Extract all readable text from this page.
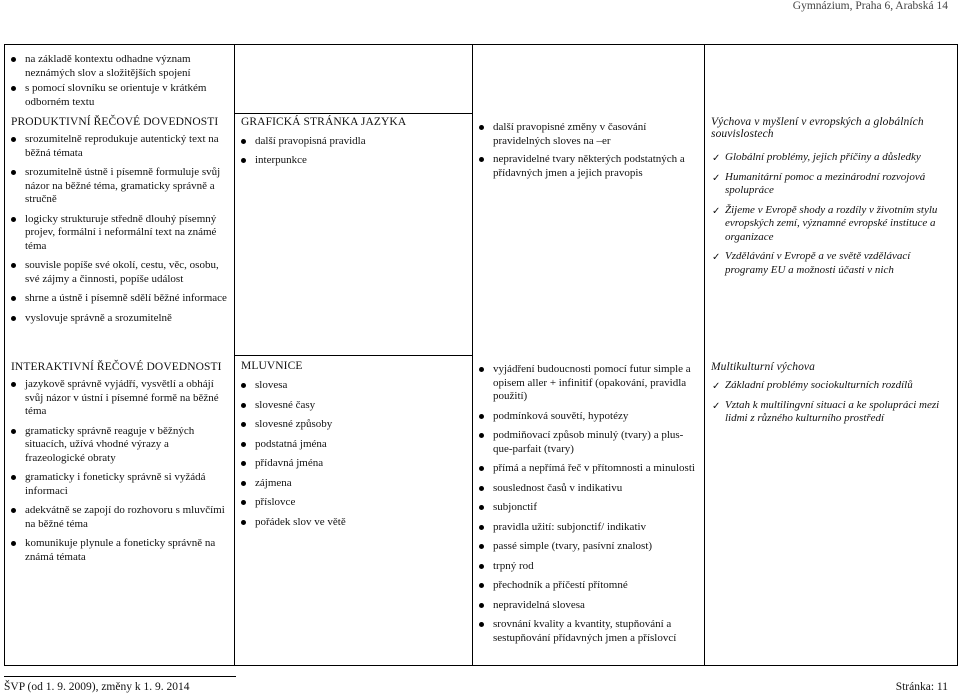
Gymnázium, Praha 6, Arabská 14
na základě kontextu odhadne význam neznámých slov a složitějších spojení
s pomocí slovníku se orientuje v krátkém odborném textu
PRODUKTIVNÍ ŘEČOVÉ DOVEDNOSTI
srozumitelně reprodukuje autentický text na běžná témata
srozumitelně ústně i písemně formuluje svůj názor na běžné téma, gramaticky správně a stručně
logicky strukturuje středně dlouhý písemný projev, formální i neformální text na známé téma
souvisle popíše své okolí, cestu, věc, osobu, své zájmy a činnosti, popíše událost
shrne a ústně i písemně sdělí běžné informace
vyslovuje správně a srozumitelně
INTERAKTIVNÍ ŘEČOVÉ DOVEDNOSTI
jazykově správně vyjádří, vysvětlí a obhájí svůj názor v ústní i písemné formě na běžné téma
gramaticky správně reaguje v běžných situacích, užívá vhodné výrazy a frazeologické obraty
gramaticky i foneticky správně si vyžádá informaci
adekvátně se zapojí do rozhovoru s mluvčími na běžné téma
komunikuje plynule a foneticky správně na známá témata
GRAFICKÁ STRÁNKA JAZYKA
další pravopisná pravidla
interpunkce
MLUVNICE
slovesa
slovesné časy
slovesné způsoby
podstatná jména
přídavná jména
zájmena
příslovce
pořádek slov ve větě
další pravopisné změny v časování pravidelných sloves na –er
nepravidelné tvary některých podstatných a přídavných jmen a jejich pravopis
vyjádření budoucnosti pomocí futur simple a opisem aller + infinitif (opakování, pravidla použití)
podmínková souvětí, hypotézy
podmiňovací způsob minulý (tvary) a plus-que-parfait (tvary)
přímá a nepřímá řeč v přítomnosti a minulosti
souslednost časů v indikativu
subjonctif
pravidla užití: subjonctif/ indikativ
passé simple (tvary, pasívní znalost)
trpný rod
přechodník a příčestí přítomné
nepravidelná slovesa
srovnání kvality a kvantity, stupňování a sestupňování přídavných jmen a příslovcí
Výchova v myšlení v evropských a globálních souvislostech
✓ Globální problémy, jejich příčiny a důsledky
✓ Humanitární pomoc a mezinárodní rozvojová spolupráce
✓ Žijeme v Evropě shody a rozdíly v životním stylu evropských zemí, významné evropské instituce a organizace
✓ Vzdělávání v Evropě a ve světě vzdělávací programy EU a možnosti účasti v nich
Multikulturní výchova
✓ Základní problémy sociokulturních rozdílů
✓ Vztah k multilingvní situaci a ke spolupráci mezi lidmi z různého kulturního prostředí
ŠVP (od 1. 9. 2009), změny k 1. 9. 2014	Stránka: 11
